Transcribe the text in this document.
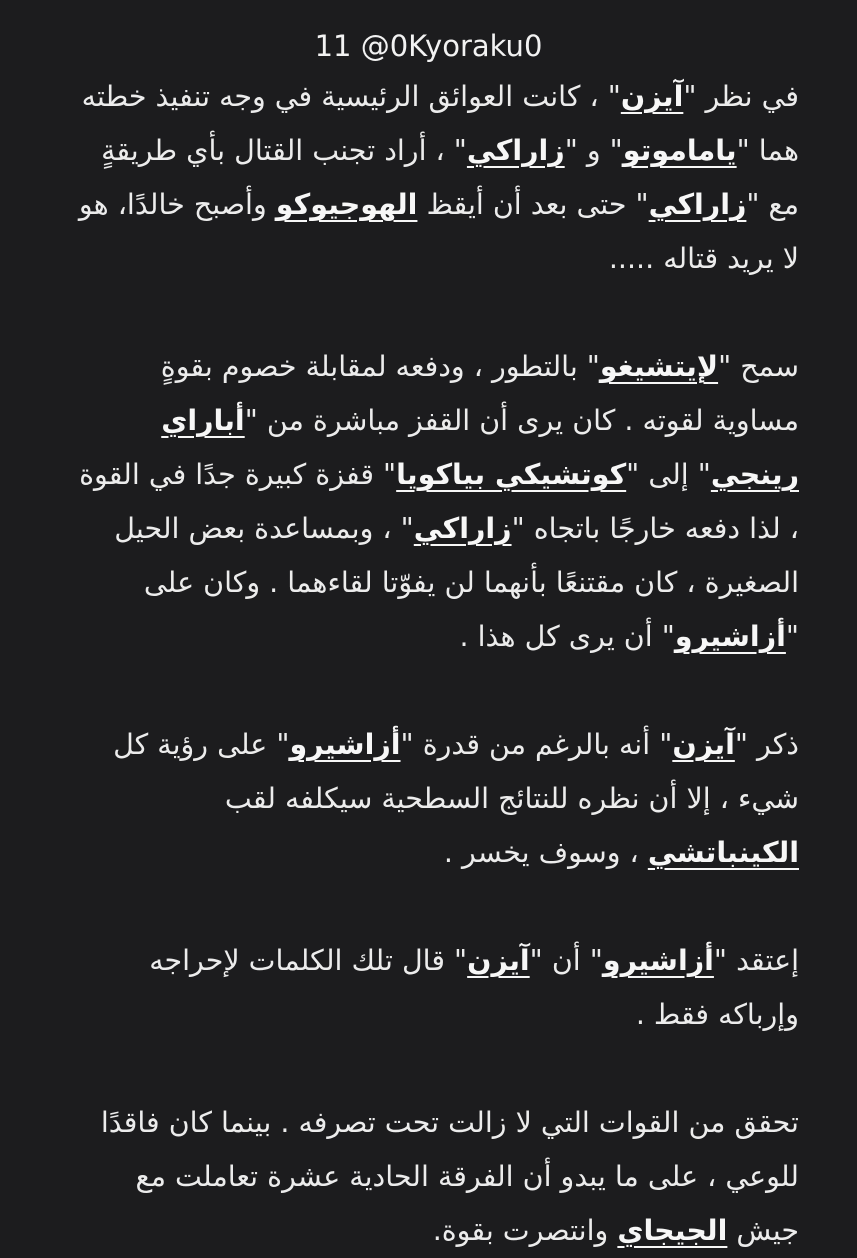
11 @0Kyoraku0

في نظر "آيزن" ، كانت العوائق الرئيسية في وجه تنفيذ خطته هما "ياماموتو" و "زاراكي" ، أراد تجنب القتال بأي طريقةٍ مع "زاراكي" حتى بعد أن أيقظ الهوجيوكو وأصبح خالدًا، هو لا يريد قتاله .....

سمح "لإيتشيغو" بالتطور ، ودفعه لمقابلة خصوم بقوةٍ مساوية لقوته . كان يرى أن القفز مباشرة من "أباراي رينجي" إلى "كوتشيكي بياكويا" قفزة كبيرة جدًا في القوة ، لذا دفعه خارجًا باتجاه "زاراكي" ، وبمساعدة بعض الحيل الصغيرة ، كان مقتنعًا بأنهما لن يفوّتا لقاءهما . وكان على "أزاشيرو" أن يرى كل هذا .

ذكر "آيزن" أنه بالرغم من قدرة "أزاشيرو" على رؤية كل شيء ، إلا أن نظره للنتائج السطحية سيكلفه لقب الكينباتشي ، وسوف يخسر .

إعتقد "أزاشيرو" أن "آيزن" قال تلك الكلمات لإحراجه وإرباكه فقط .

تحقق من القوات التي لا زالت تحت تصرفه . بينما كان فاقدًا للوعي ، على ما يبدو أن الفرقة الحادية عشرة تعاملت مع جيش الجيجاي وانتصرت بقوة.
